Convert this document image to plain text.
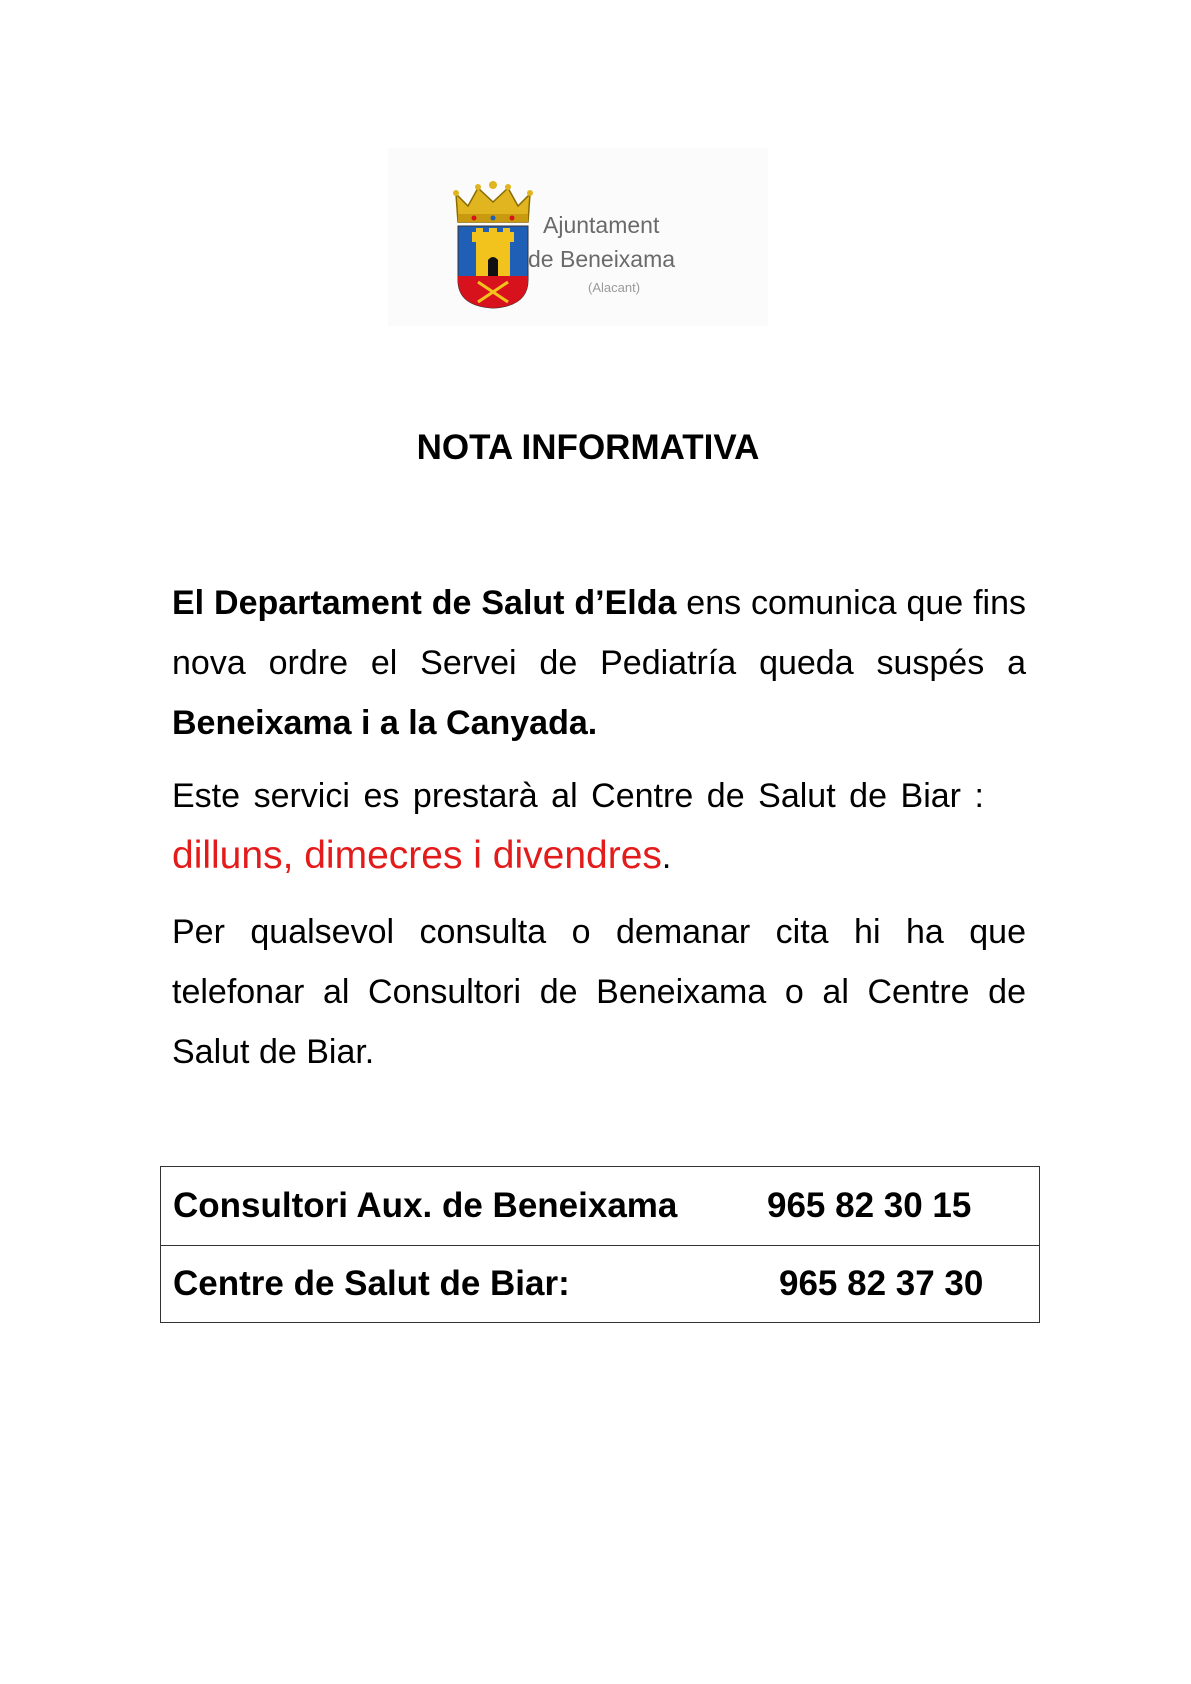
Ajuntament
de Beneixama
(Alacant)
NOTA INFORMATIVA

El Departament de Salut d’Elda ens comunica que fins nova ordre el Servei de Pediatría queda suspés a Beneixama i a la Canyada.

Este servici es prestarà al Centre de Salut de Biar :dilluns, dimecres i divendres.

Per qualsevol consulta o demanar cita hi ha que telefonar al Consultori de Beneixama o al Centre de Salut de Biar.

Consultori Aux. de Beneixama	965 82 30 15
Centre de Salut de Biar:	965 82 37 30
